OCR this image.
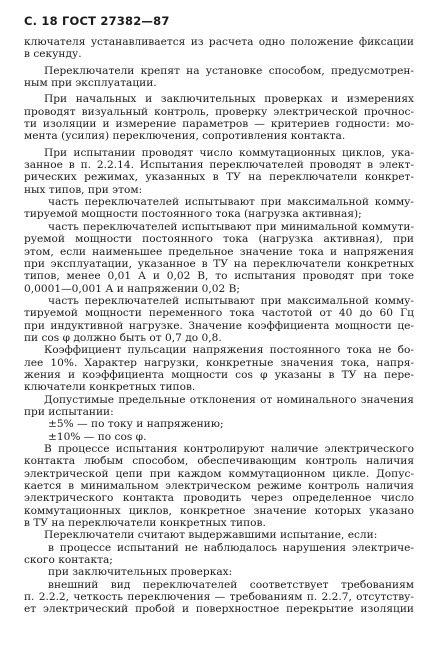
С. 18 ГОСТ 27382—87
ключателя устанавливается из расчета одно положение фиксации
в секунду.
Переключатели крепят на установке способом, предусмотрен-
ным при эксплуатации.
При начальных и заключительных проверках и измерениях
проводят визуальный контроль, проверку электрической прочнос-
ти изоляции и измерение параметров — критериев годности: мо-
мента (усилия) переключения, сопротивления контакта.
При испытании проводят число коммутационных циклов, ука-
занное в п. 2.2.14. Испытания переключателей проводят в элект-
рических режимах, указанных в ТУ на переключатели конкрет-
ных типов, при этом:
часть переключателей испытывают при максимальной комму-
тируемой мощности постоянного тока (нагрузка активная);
часть переключателей испытывают при минимальной коммути-
руемой мощности постоянного тока (нагрузка активная), при
этом, если наименьшее предельное значение тока и напряжения
при эксплуатации, указанное в ТУ на переключатели конкретных
типов, менее 0,01 А и 0,02 В, то испытания проводят при токе
0,0001—0,001 А и напряжении 0,02 В;
часть переключателей испытывают при максимальной комму-
тируемой мощности переменного тока частотой от 40 до 60 Гц
при индуктивной нагрузке. Значение коэффициента мощности це-
пи cos φ должно быть от 0,7 до 0,8.
Коэффициент пульсации напряжения постоянного тока не бо-
лее 10%. Характер нагрузки, конкретные значения тока, напря-
жения и коэффициента мощности cos φ указаны в ТУ на пере-
ключатели конкретных типов.
Допустимые предельные отклонения от номинального значения
при испытании:
±5% — по току и напряжению;
±10% — по cos φ.
В процессе испытания контролируют наличие электрического
контакта любым способом, обеспечивающим контроль наличия
электрической цепи при каждом коммутационном цикле. Допус-
кается в минимальном электрическом режиме контроль наличия
электрического контакта проводить через определенное число
коммутационных циклов, конкретное значение которых указано
в ТУ на переключатели конкретных типов.
Переключатели считают выдержавшими испытание, если:
в процессе испытаний не наблюдалось нарушения электриче-
ского контакта;
при заключительных проверках:
внешний вид переключателей соответствует требованиям
п. 2.2.2, четкость переключения — требованиям п. 2.2.7, отсутству-
ет электрический пробой и поверхностное перекрытие изоляции
